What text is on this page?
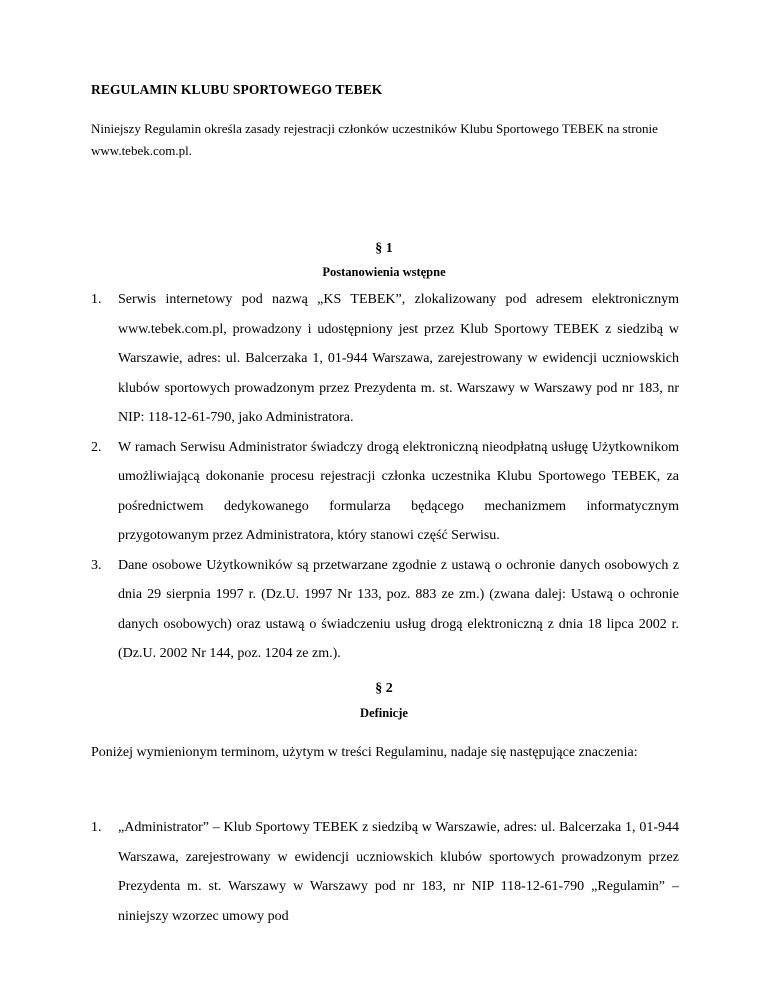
REGULAMIN KLUBU SPORTOWEGO TEBEK

Niniejszy Regulamin określa zasady rejestracji członków uczestników Klubu Sportowego TEBEK na stronie www.tebek.com.pl.

§ 1

Postanowienia wstępne

1. Serwis internetowy pod nazwą „KS TEBEK”, zlokalizowany pod adresem elektronicznym www.tebek.com.pl, prowadzony i udostępniony jest przez Klub Sportowy TEBEK z siedzibą w Warszawie, adres: ul. Balcerzaka 1, 01-944 Warszawa, zarejestrowany w ewidencji uczniowskich klubów sportowych prowadzonym przez Prezydenta m. st. Warszawy w Warszawy pod nr 183, nr NIP: 118-12-61-790, jako Administratora.
2. W ramach Serwisu Administrator świadczy drogą elektroniczną nieodpłatną usługę Użytkownikom umożliwiającą dokonanie procesu rejestracji członka uczestnika Klubu Sportowego TEBEK, za pośrednictwem dedykowanego formularza będącego mechanizmem informatycznym przygotowanym przez Administratora, który stanowi część Serwisu.
3. Dane osobowe Użytkowników są przetwarzane zgodnie z ustawą o ochronie danych osobowych z dnia 29 sierpnia 1997 r. (Dz.U. 1997 Nr 133, poz. 883 ze zm.) (zwana dalej: Ustawą o ochronie danych osobowych) oraz ustawą o świadczeniu usług drogą elektroniczną z dnia 18 lipca 2002 r. (Dz.U. 2002 Nr 144, poz. 1204 ze zm.).

§ 2

Definicje

Poniżej wymienionym terminom, użytym w treści Regulaminu, nadaje się następujące znaczenia:

1. „Administrator” – Klub Sportowy TEBEK z siedzibą w Warszawie, adres: ul. Balcerzaka 1, 01-944 Warszawa, zarejestrowany w ewidencji uczniowskich klubów sportowych prowadzonym przez Prezydenta m. st. Warszawy w Warszawy pod nr 183, nr NIP 118-12-61-790 „Regulamin” – niniejszy wzorzec umowy pod
